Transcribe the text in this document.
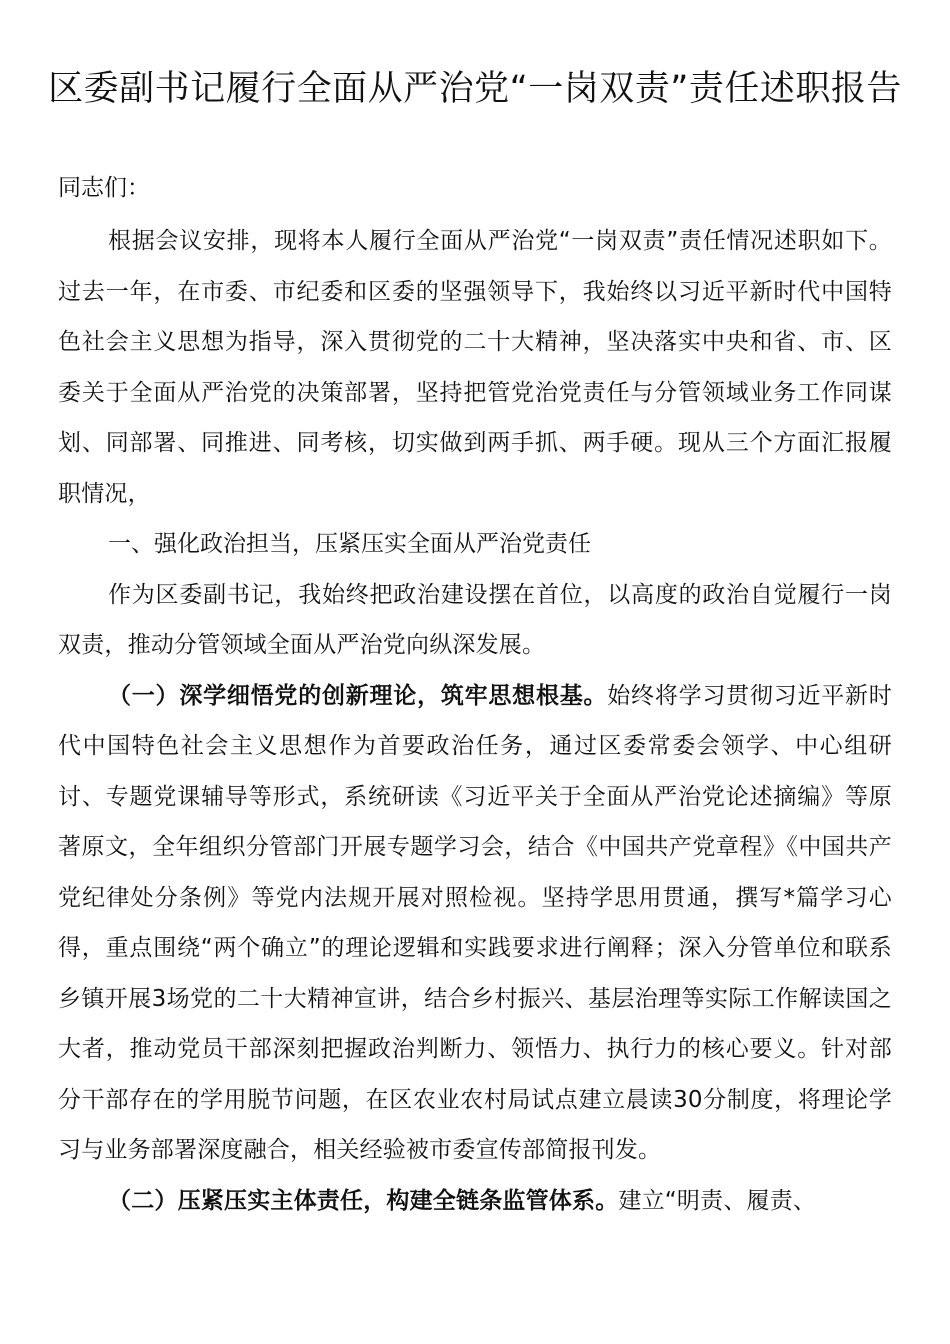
区委副书记履行全面从严治党“一岗双责”责任述职报告

同志们：

根据会议安排，现将本人履行全面从严治党“一岗双责”责任情况述职如下。过去一年，在市委、市纪委和区委的坚强领导下，我始终以习近平新时代中国特色社会主义思想为指导，深入贯彻党的二十大精神，坚决落实中央和省、市、区委关于全面从严治党的决策部署，坚持把管党治党责任与分管领域业务工作同谋划、同部署、同推进、同考核，切实做到两手抓、两手硬。现从三个方面汇报履职情况，

一、强化政治担当，压紧压实全面从严治党责任

作为区委副书记，我始终把政治建设摆在首位，以高度的政治自觉履行一岗双责，推动分管领域全面从严治党向纵深发展。

（一）深学细悟党的创新理论，筑牢思想根基。始终将学习贯彻习近平新时代中国特色社会主义思想作为首要政治任务，通过区委常委会领学、中心组研讨、专题党课辅导等形式，系统研读《习近平关于全面从严治党论述摘编》等原著原文，全年组织分管部门开展专题学习会，结合《中国共产党章程》《中国共产党纪律处分条例》等党内法规开展对照检视。坚持学思用贯通，撰写*篇学习心得，重点围绕“两个确立”的理论逻辑和实践要求进行阐释；深入分管单位和联系乡镇开展3场党的二十大精神宣讲，结合乡村振兴、基层治理等实际工作解读国之大者，推动党员干部深刻把握政治判断力、领悟力、执行力的核心要义。针对部分干部存在的学用脱节问题，在区农业农村局试点建立晨读30分制度，将理论学习与业务部署深度融合，相关经验被市委宣传部简报刊发。

（二）压紧压实主体责任，构建全链条监管体系。建立“明责、履责、
